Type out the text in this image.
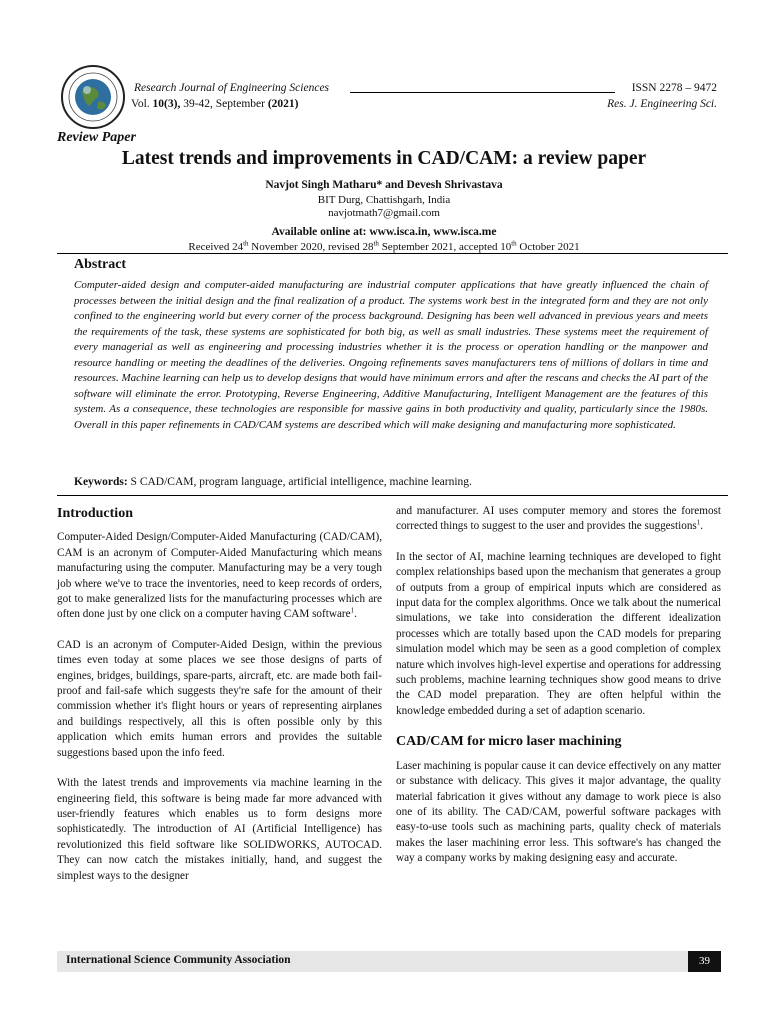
Research Journal of Engineering Sciences	ISSN 2278 – 9472
Vol. 10(3), 39-42, September (2021)	Res. J. Engineering Sci.
Review Paper
Latest trends and improvements in CAD/CAM: a review paper
Navjot Singh Matharu* and Devesh Shrivastava
BIT Durg, Chattishgarh, India
navjotmath7@gmail.com
Available online at: www.isca.in, www.isca.me
Received 24th November 2020, revised 28th September 2021, accepted 10th October 2021
Abstract
Computer-aided design and computer-aided manufacturing are industrial computer applications that have greatly influenced the chain of processes between the initial design and the final realization of a product. The systems work best in the integrated form and they are not only confined to the engineering world but every corner of the process background. Designing has been well advanced in previous years and meets the requirements of the task, these systems are sophisticated for both big, as well as small industries. These systems meet the requirement of every managerial as well as engineering and processing industries whether it is the process or operation handling or the manpower and resource handling or meeting the deadlines of the deliveries. Ongoing refinements saves manufacturers tens of millions of dollars in time and resources. Machine learning can help us to develop designs that would have minimum errors and after the rescans and checks the AI part of the software will eliminate the error. Prototyping, Reverse Engineering, Additive Manufacturing, Intelligent Management are the features of this system. As a consequence, these technologies are responsible for massive gains in both productivity and quality, particularly since the 1980s. Overall in this paper refinements in CAD/CAM systems are described which will make designing and manufacturing more sophisticated.
Keywords: S CAD/CAM, program language, artificial intelligence, machine learning.
Introduction

Computer-Aided Design/Computer-Aided Manufacturing (CAD/CAM), CAM is an acronym of Computer-Aided Manufacturing which means manufacturing using the computer. Manufacturing may be a very tough job where we've to trace the inventories, need to keep records of orders, got to make generalized lists for the manufacturing processes which are often done just by one click on a computer having CAM software$^1$.

CAD is an acronym of Computer-Aided Design, within the previous times even today at some places we see those designs of parts of engines, bridges, buildings, spare-parts, aircraft, etc. are made both fail-proof and fail-safe which suggests they're safe for the amount of their commission whether it's flight hours or years of representing airplanes and buildings respectively, all this is often possible only by this application which emits human errors and provides the suitable suggestions based upon the info feed.

With the latest trends and improvements via machine learning in the engineering field, this software is being made far more advanced with user-friendly features which enables us to form designs more sophisticatedly. The introduction of AI (Artificial Intelligence) has revolutionized this field software like SOLIDWORKS, AUTOCAD. They can now catch the mistakes initially, hand, and suggest the simplest ways to the designer

and manufacturer. AI uses computer memory and stores the foremost corrected things to suggest to the user and provides the suggestions$^1$.

In the sector of AI, machine learning techniques are developed to fight complex relationships based upon the mechanism that generates a group of outputs from a group of empirical inputs which are considered as input data for the complex algorithms. Once we talk about the numerical simulations, we take into consideration the different idealization processes which are totally based upon the CAD models for preparing simulation model which may be seen as a good completion of complex nature which involves high-level expertise and operations for addressing such problems, machine learning techniques show good means to drive the CAD model preparation. They are often helpful within the knowledge embedded during a set of adaption scenario.

CAD/CAM for micro laser machining

Laser machining is popular cause it can device effectively on any matter or substance with delicacy. This gives it major advantage, the quality material fabrication it gives without any damage to work piece is also one of its ability. The CAD/CAM, powerful software packages with easy-to-use tools such as machining parts, quality check of materials makes the laser machining error less. This software's has changed the way a company works by making designing easy and accurate.

International Science Community Association	39
